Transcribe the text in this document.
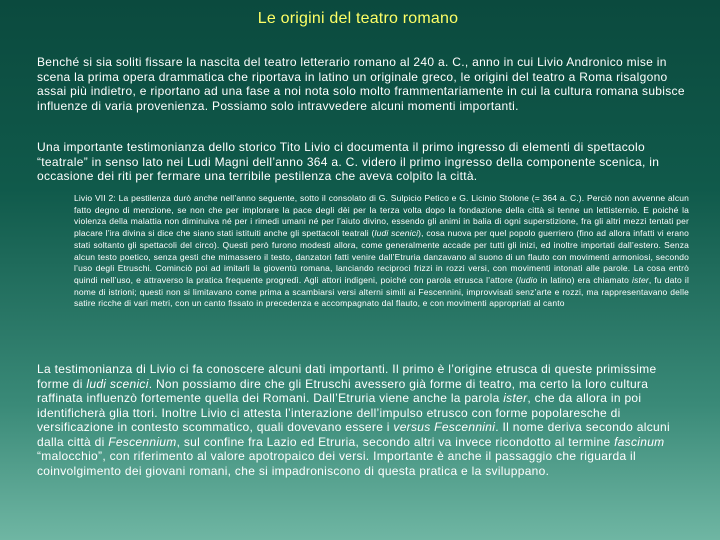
Le origini del teatro romano
Benché si sia soliti fissare la nascita del teatro letterario romano al 240 a. C., anno in cui Livio Andronico mise in scena la prima opera drammatica che riportava in latino un originale greco, le origini del teatro a Roma risalgono assai più indietro, e riportano ad una fase a noi nota solo molto frammentariamente in cui la cultura romana subisce influenze di varia provenienza. Possiamo solo intravvedere alcuni momenti importanti.
Una importante testimonianza dello storico Tito Livio ci documenta il primo ingresso di elementi di spettacolo “teatrale” in senso lato nei Ludi Magni dell’anno 364 a. C. videro il primo ingresso della componente scenica, in occasione dei riti per fermare una terribile pestilenza che aveva colpito la città.
Livio VII 2: La pestilenza durò anche nell’anno seguente, sotto il consolato di G. Sulpicio Petico e G. Licinio Stolone (= 364 a. C.). Perciò non avvenne alcun fatto degno di menzione, se non che per implorare la pace degli dèi per la terza volta dopo la fondazione della città si tenne un lettisternio. E poiché la violenza della malattia non diminuiva né per i rimedi umani né per l’aiuto divino, essendo gli animi in balia di ogni superstizione, fra gli altri mezzi tentati per placare l’ira divina si dice che siano stati istituiti anche gli spettacoli teatrali (ludi scenici), cosa nuova per quel popolo guerriero (fino ad allora infatti vi erano stati soltanto gli spettacoli del circo). Questi però furono modesti allora, come generalmente accade per tutti gli inizi, ed inoltre importati dall’estero. Senza alcun testo poetico, senza gesti che mimassero il testo, danzatori fatti venire dall’Etruria danzavano al suono di un flauto con movimenti armoniosi, secondo l’uso degli Etruschi. Cominciò poi ad imitarli la gioventù romana, lanciando reciproci frizzi in rozzi versi, con movimenti intonati alle parole. La cosa entrò quindi nell’uso, e attraverso la pratica frequente progredì. Agli attori indigeni, poiché con parola etrusca l’attore (ludio in latino) era chiamato ister, fu dato il nome di istrioni; questi non si limitavano come prima a scambiarsi versi alterni simili ai Fescennini, improvvisati senz’arte e rozzi, ma rappresentavano delle satire ricche di vari metri, con un canto fissato in precedenza e accompagnato dal flauto, e con movimenti appropriati al canto
La testimonianza di Livio ci fa conoscere alcuni dati importanti. Il primo è l’origine etrusca di queste primissime forme di ludi scenici. Non possiamo dire che gli Etruschi avessero già forme di teatro, ma certo la loro cultura raffinata influenzò fortemente quella dei Romani. Dall’Etruria viene anche la parola ister, che da allora in poi identificherà glia ttori. Inoltre Livio ci attesta l’interazione dell’impulso etrusco con forme popolaresche di versificazione in contesto scommatico, quali dovevano essere i versus Fescennini. Il nome deriva secondo alcuni dalla città di Fescennium, sul confine fra Lazio ed Etruria, secondo altri va invece ricondotto al termine fascinum “malocchio”, con riferimento al valore apotropaico dei versi. Importante è anche il passaggio che riguarda il coinvolgimento dei giovani romani, che si impadroniscono di questa pratica e la sviluppano.
